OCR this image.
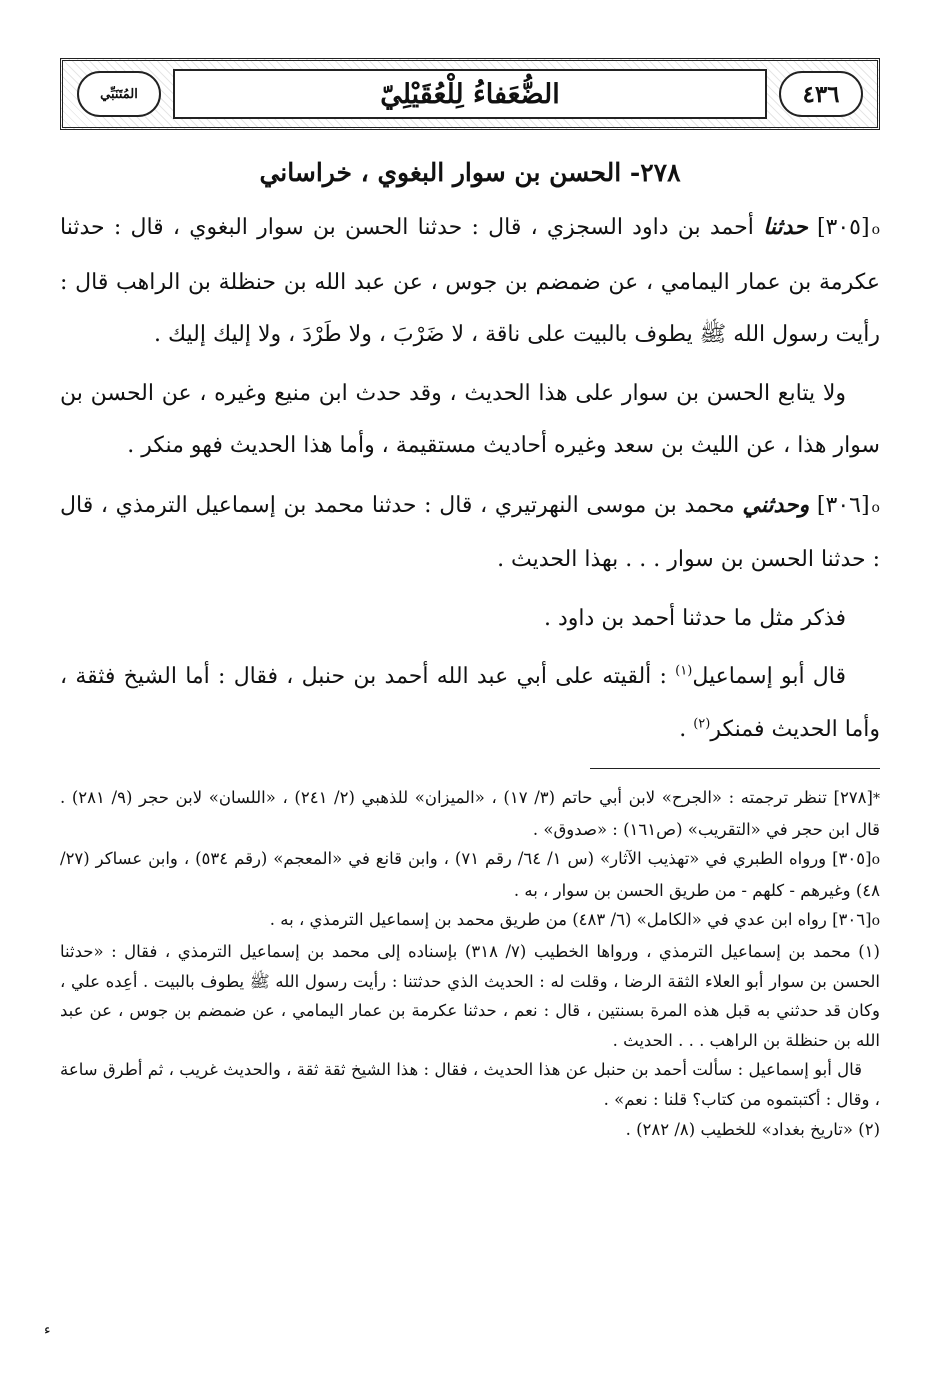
٤٣٦
الضُّعَفاءُ لِلْعُقَيْلِيّ
المُتَنَبِّي
٢٧٨- الحسن بن سوار البغوي ، خراساني

o[٣٠٥] حدثنا أحمد بن داود السجزي ، قال : حدثنا الحسن بن سوار البغوي ، قال : حدثنا عكرمة بن عمار اليمامي ، عن ضمضم بن جوس ، عن عبد الله بن حنظلة بن الراهب قال : رأيت رسول الله ﷺ يطوف بالبيت على ناقة ، لا ضَرْبَ ، ولا طَرْدَ ، ولا إليك إليك .

ولا يتابع الحسن بن سوار على هذا الحديث ، وقد حدث ابن منيع وغيره ، عن الحسن بن سوار هذا ، عن الليث بن سعد وغيره أحاديث مستقيمة ، وأما هذا الحديث فهو منكر .

o[٣٠٦] وحدثني محمد بن موسى النهرتيري ، قال : حدثنا محمد بن إسماعيل الترمذي ، قال : حدثنا الحسن بن سوار . . . بهذا الحديث .

فذكر مثل ما حدثنا أحمد بن داود .

قال أبو إسماعيل$^{(١)}$ : ألقيته على أبي عبد الله أحمد بن حنبل ، فقال : أما الشيخ فثقة ، وأما الحديث فمنكر$^{(٢)}$ .

*[٢٧٨] تنظر ترجمته : «الجرح» لابن أبي حاتم (٣/ ١٧) ، «الميزان» للذهبي (٢/ ٢٤١) ، «اللسان» لابن حجر (٩/ ٢٨١) . قال ابن حجر في «التقريب» (ص١٦١) : «صدوق» .

o[٣٠٥] ورواه الطبري في «تهذيب الآثار» (س ١/ ٦٤/ رقم ٧١) ، وابن قانع في «المعجم» (رقم ٥٣٤) ، وابن عساكر (٢٧/ ٤٨) وغيرهم - كلهم - من طريق الحسن بن سوار ، به .

o[٣٠٦] رواه ابن عدي في «الكامل» (٦/ ٤٨٣) من طريق محمد بن إسماعيل الترمذي ، به .

(١) محمد بن إسماعيل الترمذي ، ورواها الخطيب (٧/ ٣١٨) بإسناده إلى محمد بن إسماعيل الترمذي ، فقال : «حدثنا الحسن بن سوار أبو العلاء الثقة الرضا ، وقلت له : الحديث الذي حدثتنا : رأيت رسول الله ﷺ يطوف بالبيت . أعِده علي ، وكان قد حدثني به قبل هذه المرة بسنتين ، قال : نعم ، حدثنا عكرمة بن عمار اليمامي ، عن ضمضم بن جوس ، عن عبد الله بن حنظلة بن الراهب . . . الحديث .

قال أبو إسماعيل : سألت أحمد بن حنبل عن هذا الحديث ، فقال : هذا الشيخ ثقة ثقة ، والحديث غريب ، ثم أطرق ساعة ، وقال : أكتبتموه من كتاب؟ قلنا : نعم» .

(٢) «تاريخ بغداد» للخطيب (٨/ ٢٨٢) .

ء
